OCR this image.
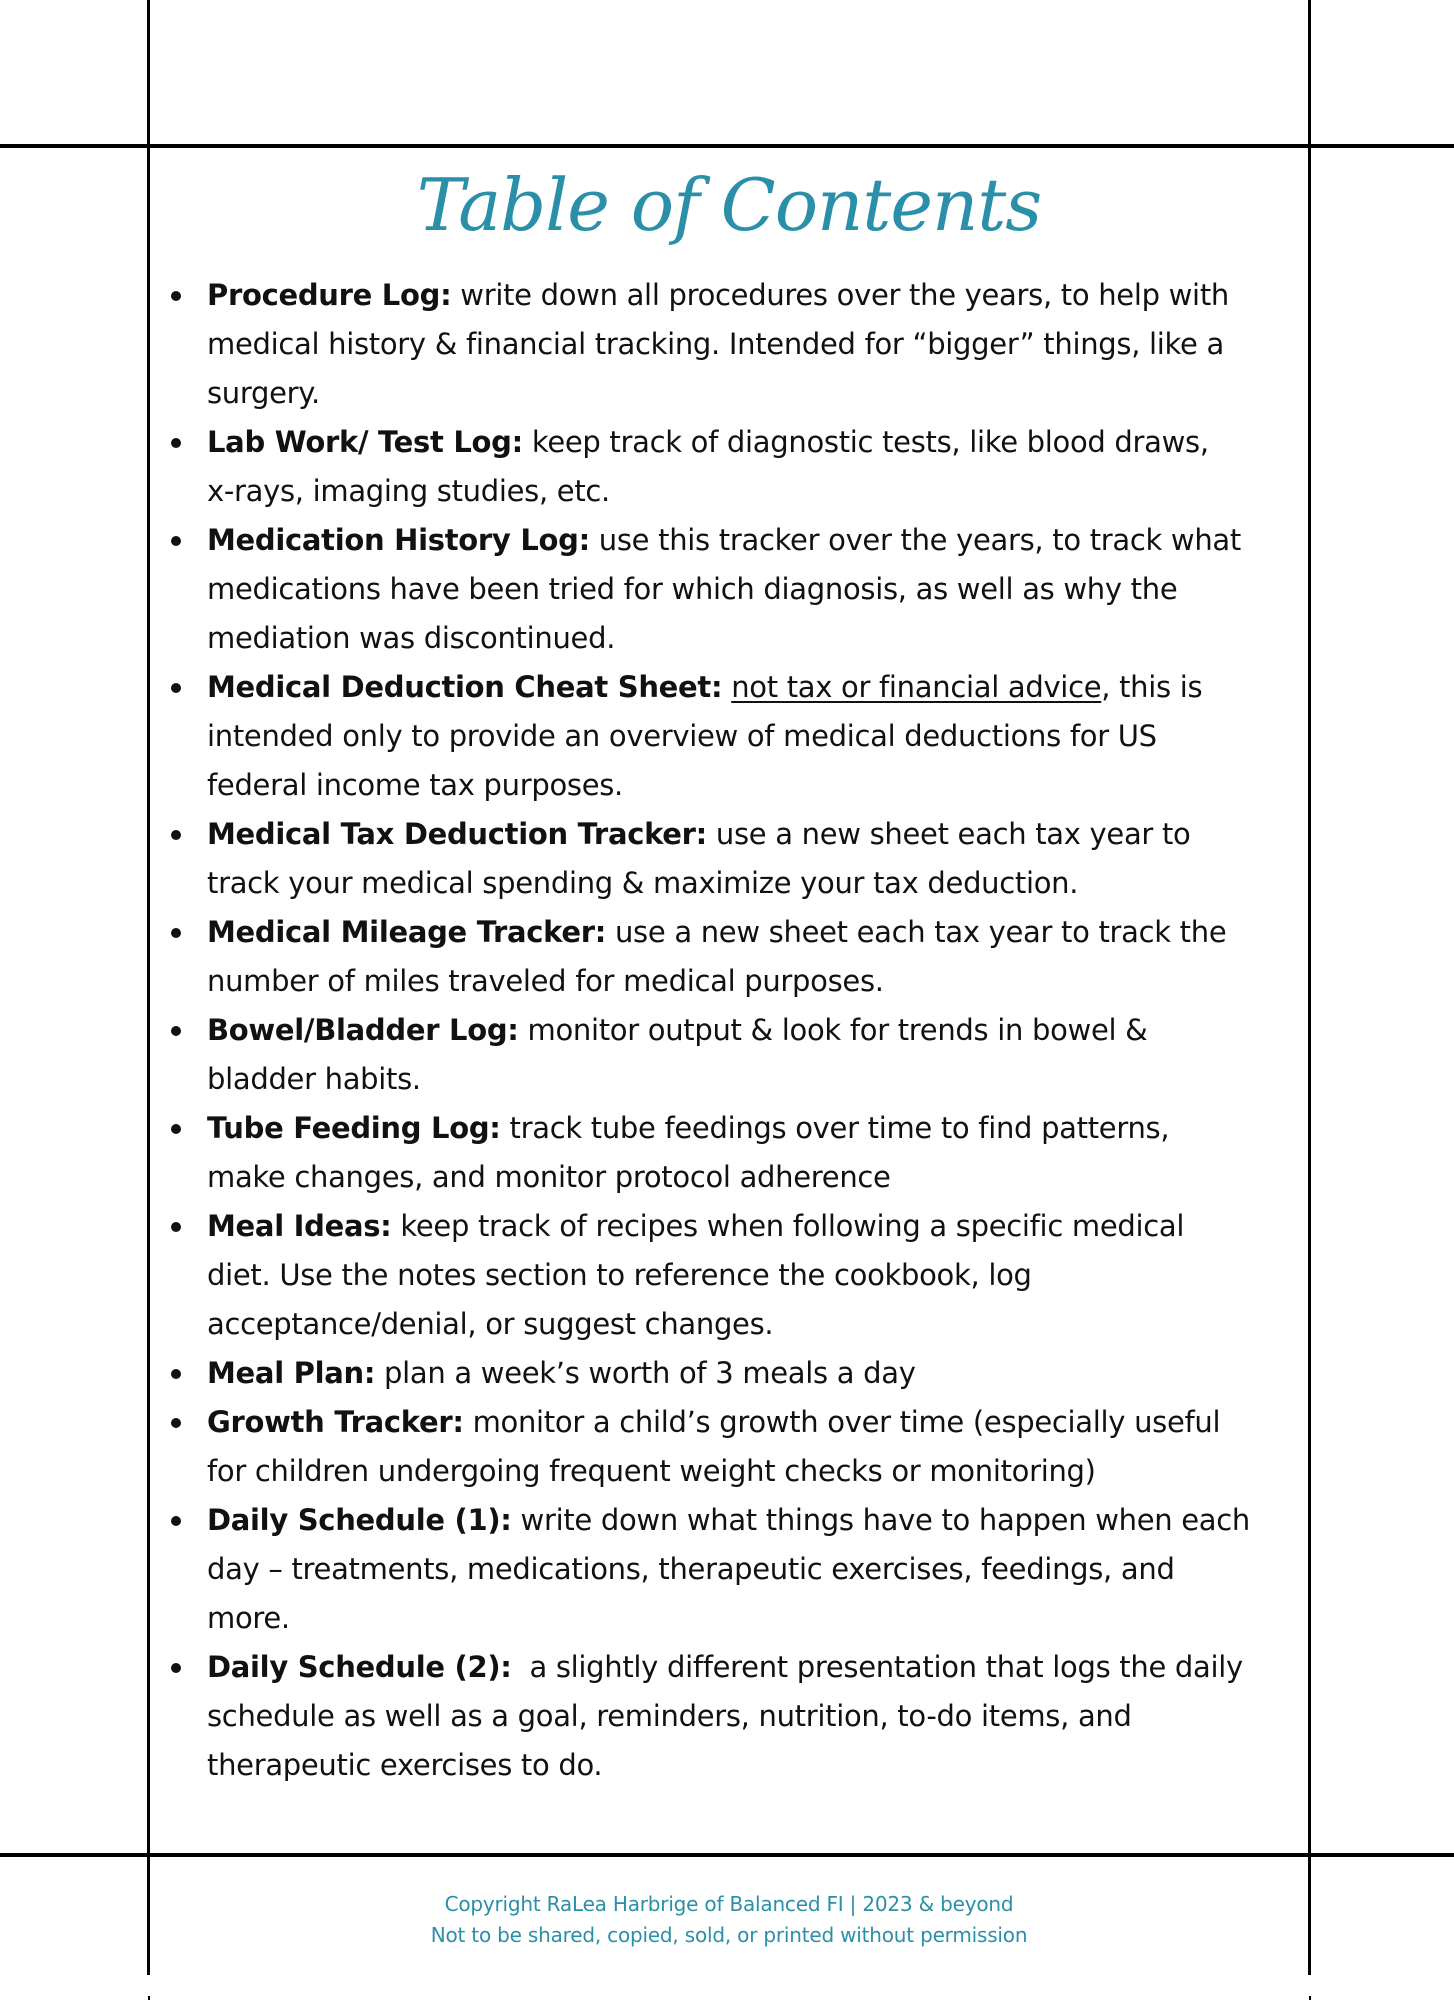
Table of Contents
Procedure Log: write down all procedures over the years, to help with
medical history & financial tracking. Intended for “bigger” things, like a
surgery.
Lab Work/ Test Log: keep track of diagnostic tests, like blood draws,
x-rays, imaging studies, etc.
Medication History Log: use this tracker over the years, to track what
medications have been tried for which diagnosis, as well as why the
mediation was discontinued.
Medical Deduction Cheat Sheet: not tax or financial advice, this is
intended only to provide an overview of medical deductions for US
federal income tax purposes.
Medical Tax Deduction Tracker: use a new sheet each tax year to
track your medical spending & maximize your tax deduction.
Medical Mileage Tracker: use a new sheet each tax year to track the
number of miles traveled for medical purposes.
Bowel/Bladder Log: monitor output & look for trends in bowel &
bladder habits.
Tube Feeding Log: track tube feedings over time to find patterns,
make changes, and monitor protocol adherence
Meal Ideas: keep track of recipes when following a specific medical
diet. Use the notes section to reference the cookbook, log
acceptance/denial, or suggest changes.
Meal Plan: plan a week’s worth of 3 meals a day
Growth Tracker: monitor a child’s growth over time (especially useful
for children undergoing frequent weight checks or monitoring)
Daily Schedule (1): write down what things have to happen when each
day – treatments, medications, therapeutic exercises, feedings, and
more.
Daily Schedule (2):  a slightly different presentation that logs the daily
schedule as well as a goal, reminders, nutrition, to-do items, and
therapeutic exercises to do.
Copyright RaLea Harbrige of Balanced FI | 2023 & beyond
Not to be shared, copied, sold, or printed without permission
